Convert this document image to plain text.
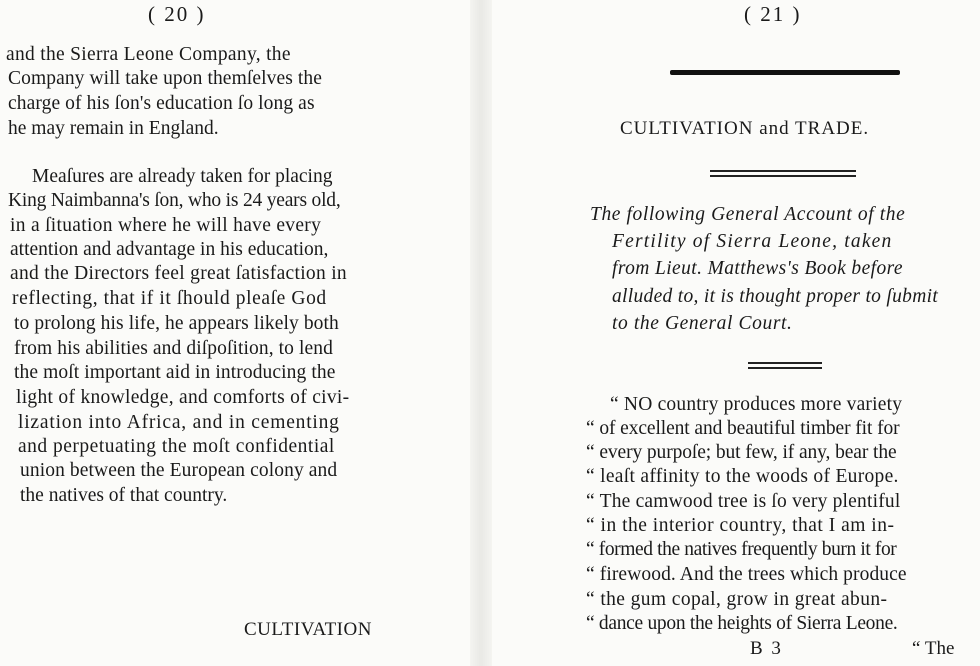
( 20 )
and the Sierra Leone Company, the
Company will take upon themſelves the
charge of his ſon's education ſo long as
he may remain in England.
Meaſures are already taken for placing
King Naimbanna's ſon, who is 24 years old,
in a ſituation where he will have every
attention and advantage in his education,
and the Directors feel great ſatisfaction in
reflecting, that if it ſhould pleaſe God
to prolong his life, he appears likely both
from his abilities and diſpoſition, to lend
the moſt important aid in introducing the
light of knowledge, and comforts of civi-
lization into Africa, and in cementing
and perpetuating the moſt confidential
union between the European colony and
the natives of that country.
CULTIVATION
( 21 )
CULTIVATION and TRADE.
The following General Account of the
Fertility of Sierra Leone, taken
from Lieut. Matthews's Book before
alluded to, it is thought proper to ſubmit
to the General Court.
“ NO country produces more variety
“ of excellent and beautiful timber fit for
“ every purpoſe; but few, if any, bear the
“ leaſt affinity to the woods of Europe.
“ The camwood tree is ſo very plentiful
“ in the interior country, that I am in-
“ formed the natives frequently burn it for
“ firewood. And the trees which produce
“ the gum copal, grow in great abun-
“ dance upon the heights of Sierra Leone.
B 3	“ The
